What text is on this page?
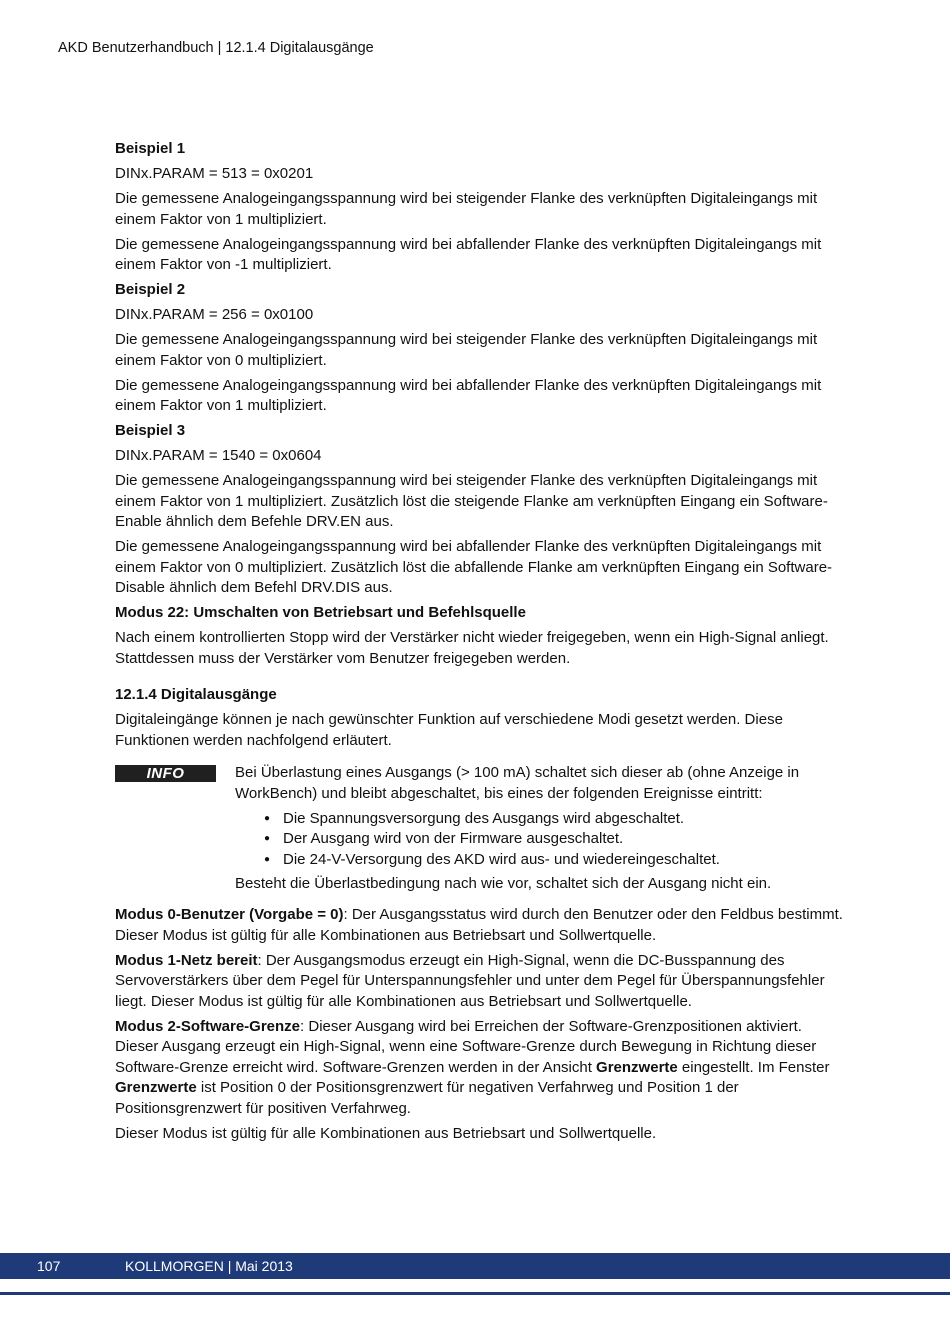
AKD Benutzerhandbuch | 12.1.4 Digitalausgänge
Beispiel 1

DINx.PARAM = 513 = 0x0201

Die gemessene Analogeingangsspannung wird bei steigender Flanke des verknüpften Digitaleingangs mit einem Faktor von 1 multipliziert.

Die gemessene Analogeingangsspannung wird bei abfallender Flanke des verknüpften Digitaleingangs mit einem Faktor von -1 multipliziert.

Beispiel 2

DINx.PARAM = 256 = 0x0100

Die gemessene Analogeingangsspannung wird bei steigender Flanke des verknüpften Digitaleingangs mit einem Faktor von 0 multipliziert.

Die gemessene Analogeingangsspannung wird bei abfallender Flanke des verknüpften Digitaleingangs mit einem Faktor von 1 multipliziert.

Beispiel 3

DINx.PARAM = 1540 = 0x0604

Die gemessene Analogeingangsspannung wird bei steigender Flanke des verknüpften Digitaleingangs mit einem Faktor von 1 multipliziert. Zusätzlich löst die steigende Flanke am verknüpften Eingang ein Software-Enable ähnlich dem Befehle DRV.EN aus.

Die gemessene Analogeingangsspannung wird bei abfallender Flanke des verknüpften Digitaleingangs mit einem Faktor von 0 multipliziert. Zusätzlich löst die abfallende Flanke am verknüpften Eingang ein Software-Disable ähnlich dem Befehl DRV.DIS aus.

Modus 22: Umschalten von Betriebsart und Befehlsquelle

Nach einem kontrollierten Stopp wird der Verstärker nicht wieder freigegeben, wenn ein High-Signal anliegt. Stattdessen muss der Verstärker vom Benutzer freigegeben werden.

12.1.4 Digitalausgänge

Digitaleingänge können je nach gewünschter Funktion auf verschiedene Modi gesetzt werden. Diese Funktionen werden nachfolgend erläutert.

INFO	Bei Überlastung eines Ausgangs (> 100 mA) schaltet sich dieser ab (ohne Anzeige in WorkBench) und bleibt abgeschaltet, bis eines der folgenden Ereignisse eintritt:

● Die Spannungsversorgung des Ausgangs wird abgeschaltet.
● Der Ausgang wird von der Firmware ausgeschaltet.
● Die 24-V-Versorgung des AKD wird aus- und wiedereingeschaltet.

Besteht die Überlastbedingung nach wie vor, schaltet sich der Ausgang nicht ein.

Modus 0-Benutzer (Vorgabe = 0): Der Ausgangsstatus wird durch den Benutzer oder den Feldbus bestimmt. Dieser Modus ist gültig für alle Kombinationen aus Betriebsart und Sollwertquelle.

Modus 1-Netz bereit: Der Ausgangsmodus erzeugt ein High-Signal, wenn die DC-Busspannung des Servoverstärkers über dem Pegel für Unterspannungsfehler und unter dem Pegel für Überspannungsfehler liegt. Dieser Modus ist gültig für alle Kombinationen aus Betriebsart und Sollwertquelle.

Modus 2-Software-Grenze: Dieser Ausgang wird bei Erreichen der Software-Grenzpositionen aktiviert. Dieser Ausgang erzeugt ein High-Signal, wenn eine Software-Grenze durch Bewegung in Richtung dieser Software-Grenze erreicht wird. Software-Grenzen werden in der Ansicht Grenzwerte eingestellt. Im Fenster Grenzwerte ist Position 0 der Positionsgrenzwert für negativen Verfahrweg und Position 1 der Positionsgrenzwert für positiven Verfahrweg.

Dieser Modus ist gültig für alle Kombinationen aus Betriebsart und Sollwertquelle.

107	KOLLMORGEN | Mai 2013
